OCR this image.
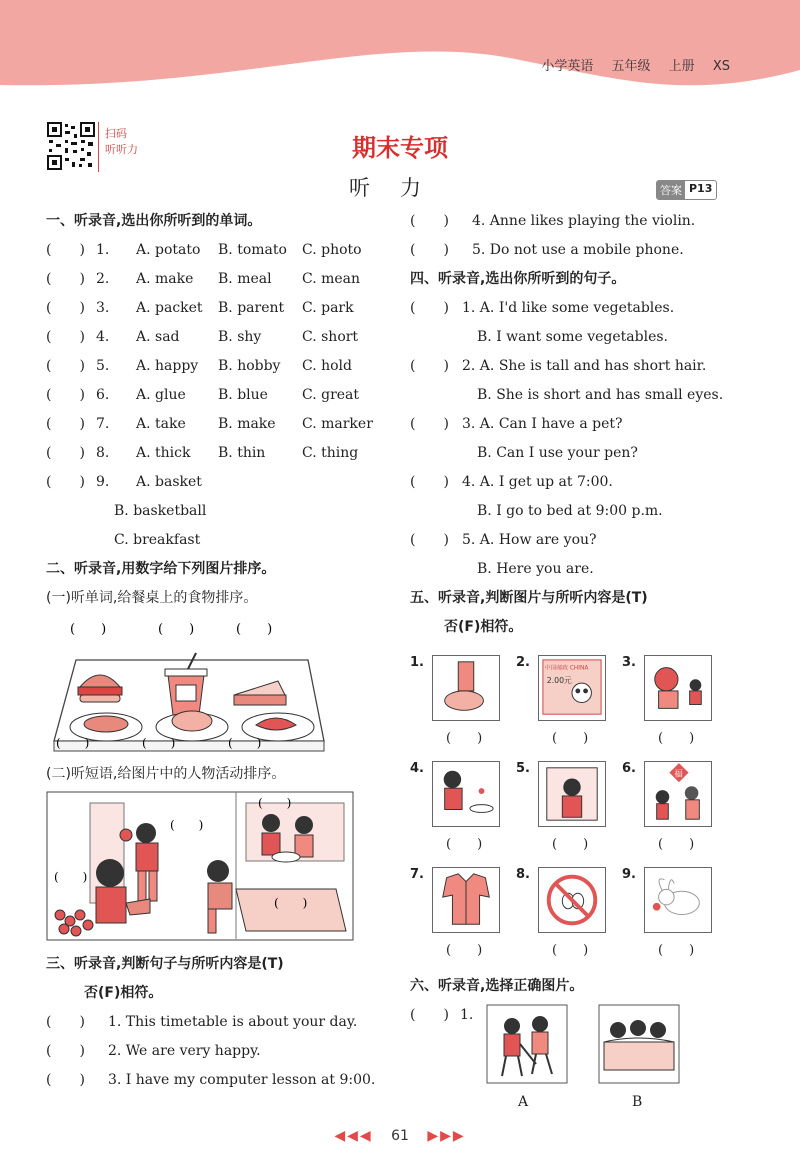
小学英语 五年级 上册 XS
扫码
听听力	期末专项
听力	答案 P13
一、听录音,选出你所听到的单词。
(　　) 1.	A. potato	B. tomato	C. photo
(　　) 2.	A. make	B. meal	C. mean
(　　) 3.	A. packet	B. parent	C. park
(　　) 4.	A. sad	B. shy	C. short
(　　) 5.	A. happy	B. hobby	C. hold
(　　) 6.	A. glue	B. blue	C. great
(　　) 7.	A. take	B. make	C. marker
(　　) 8.	A. thick	B. thin	C. thing
(　　) 9.	A. basket
B. basketball
C. breakfast
二、听录音,用数字给下列图片排序。
(一)听单词,给餐桌上的食物排序。
(　　)	(　　)	(　　)
(　　)	(　　)	(　　)
(二)听短语,给图片中的人物活动排序。
(　　)
(　　)
(　　)
(　　)
三、听录音,判断句子与所听内容是(T)
否(F)相符。
(　　)	1. This timetable is about your day.
(　　)	2. We are very happy.
(　　)	3. I have my computer lesson at 9:00.
(　　)	4. Anne likes playing the violin.
(　　)	5. Do not use a mobile phone.
四、听录音,选出你所听到的句子。
(　　) 1. A. I'd like some vegetables.
B. I want some vegetables.
(　　) 2. A. She is tall and has short hair.
B. She is short and has small eyes.
(　　) 3. A. Can I have a pet?
B. Can I use your pen?
(　　) 4. A. I get up at 7:00.
B. I go to bed at 9:00 p.m.
(　　) 5. A. How are you?
B. Here you are.
五、听录音,判断图片与所听内容是(T)
否(F)相符。
1.
(　　)
2. 中国邮政 CHINA
2.00元
(　　)
3.
(　　)
4.
(　　)
5.
(　　)
6.	福
(　　)
7.
(　　)
8.
(　　)
9.
(　　)
六、听录音,选择正确图片。
(　　) 1.
A	B
◀◀◀ 61 ▶▶▶
